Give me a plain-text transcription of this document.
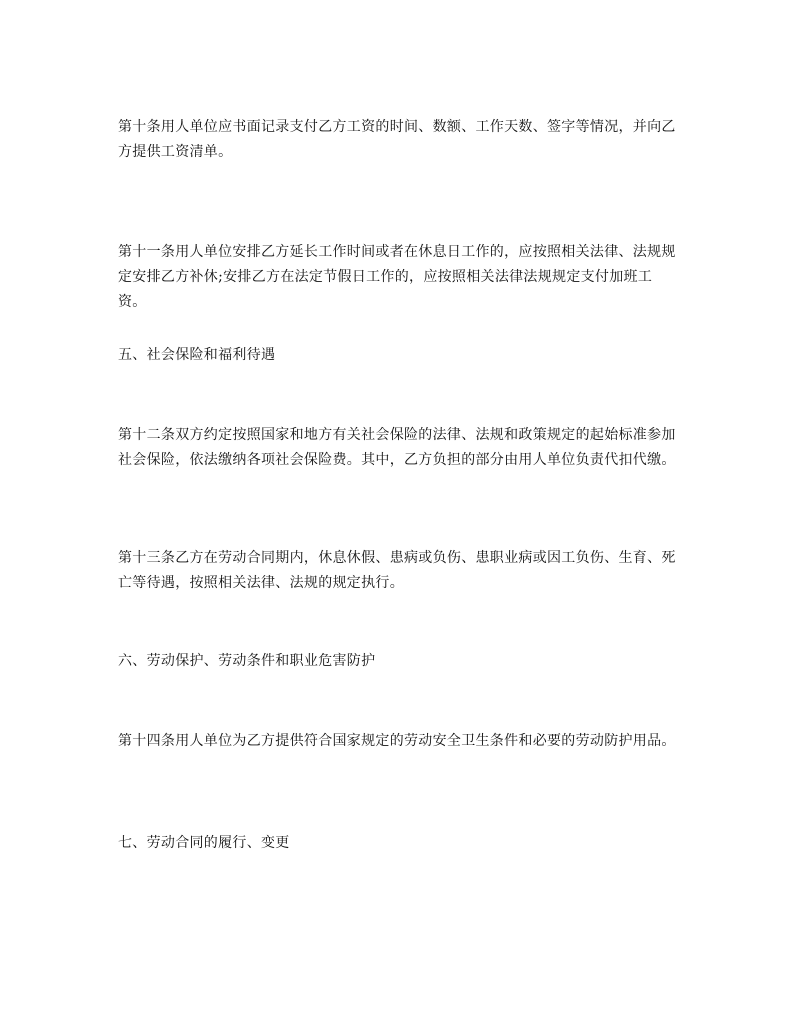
第十条用人单位应书面记录支付乙方工资的时间、数额、工作天数、签字等情况，并向乙方提供工资清单。

第十一条用人单位安排乙方延长工作时间或者在休息日工作的，应按照相关法律、法规规定安排乙方补休;安排乙方在法定节假日工作的，应按照相关法律法规规定支付加班工资。

五、社会保险和福利待遇

第十二条双方约定按照国家和地方有关社会保险的法律、法规和政策规定的起始标准参加社会保险，依法缴纳各项社会保险费。其中，乙方负担的部分由用人单位负责代扣代缴。

第十三条乙方在劳动合同期内，休息休假、患病或负伤、患职业病或因工负伤、生育、死亡等待遇，按照相关法律、法规的规定执行。

六、劳动保护、劳动条件和职业危害防护

第十四条用人单位为乙方提供符合国家规定的劳动安全卫生条件和必要的劳动防护用品。

七、劳动合同的履行、变更
